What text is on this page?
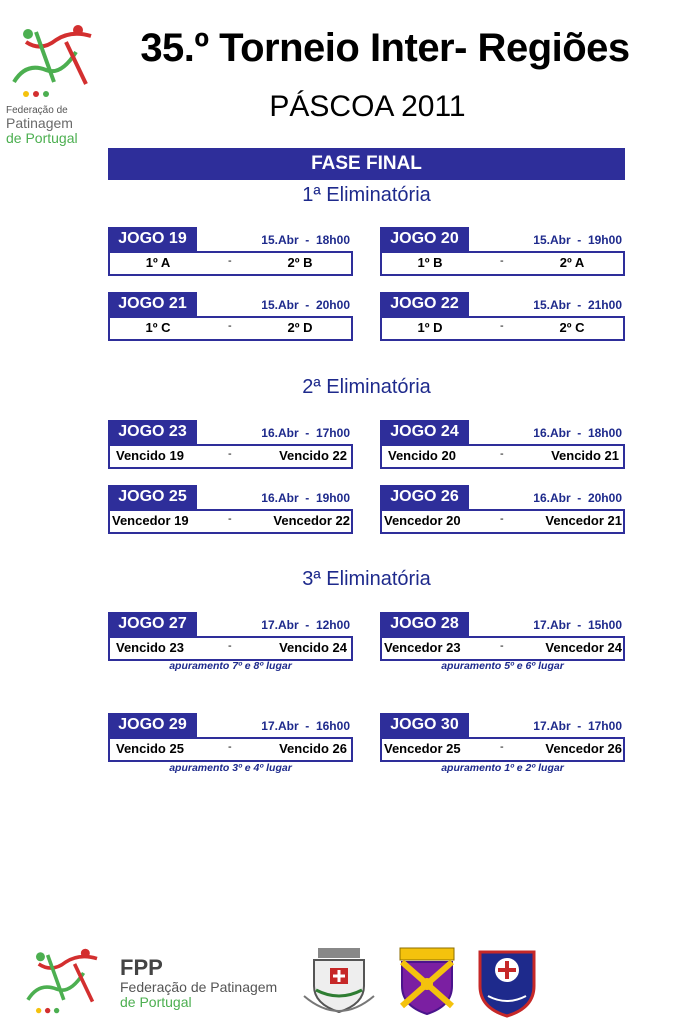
Federação de
Patinagem
de Portugal
35.º Torneio Inter- Regiões
PÁSCOA 2011
FASE FINAL
1ª Eliminatória
2ª Eliminatória
3ª Eliminatória
JOGO 19	15.Abr  -  18h00
1º A	-	2º B
JOGO 20	15.Abr  -  19h00
1º B	-	2º A
JOGO 21	15.Abr  -  20h00
1º C	-	2º D
JOGO 22	15.Abr  -  21h00
1º D	-	2º C
JOGO 23	16.Abr  -  17h00
Vencido 19	-	Vencido 22
JOGO 24	16.Abr  -  18h00
Vencido 20	-	Vencido 21
JOGO 25	16.Abr  -  19h00
Vencedor 19	-	Vencedor 22
JOGO 26	16.Abr  -  20h00
Vencedor 20	-	Vencedor 21
JOGO 27	17.Abr  -  12h00
Vencido 23	-	Vencido 24
apuramento 7º e 8º lugar
JOGO 28	17.Abr  -  15h00
Vencedor 23	-	Vencedor 24
apuramento 5º e 6º lugar
JOGO 29	17.Abr  -  16h00
Vencido 25	-	Vencido 26
apuramento 3º e 4º lugar
JOGO 30	17.Abr  -  17h00
Vencedor 25	-	Vencedor 26
apuramento 1º e 2º lugar
FPP
Federação de Patinagem
de Portugal
